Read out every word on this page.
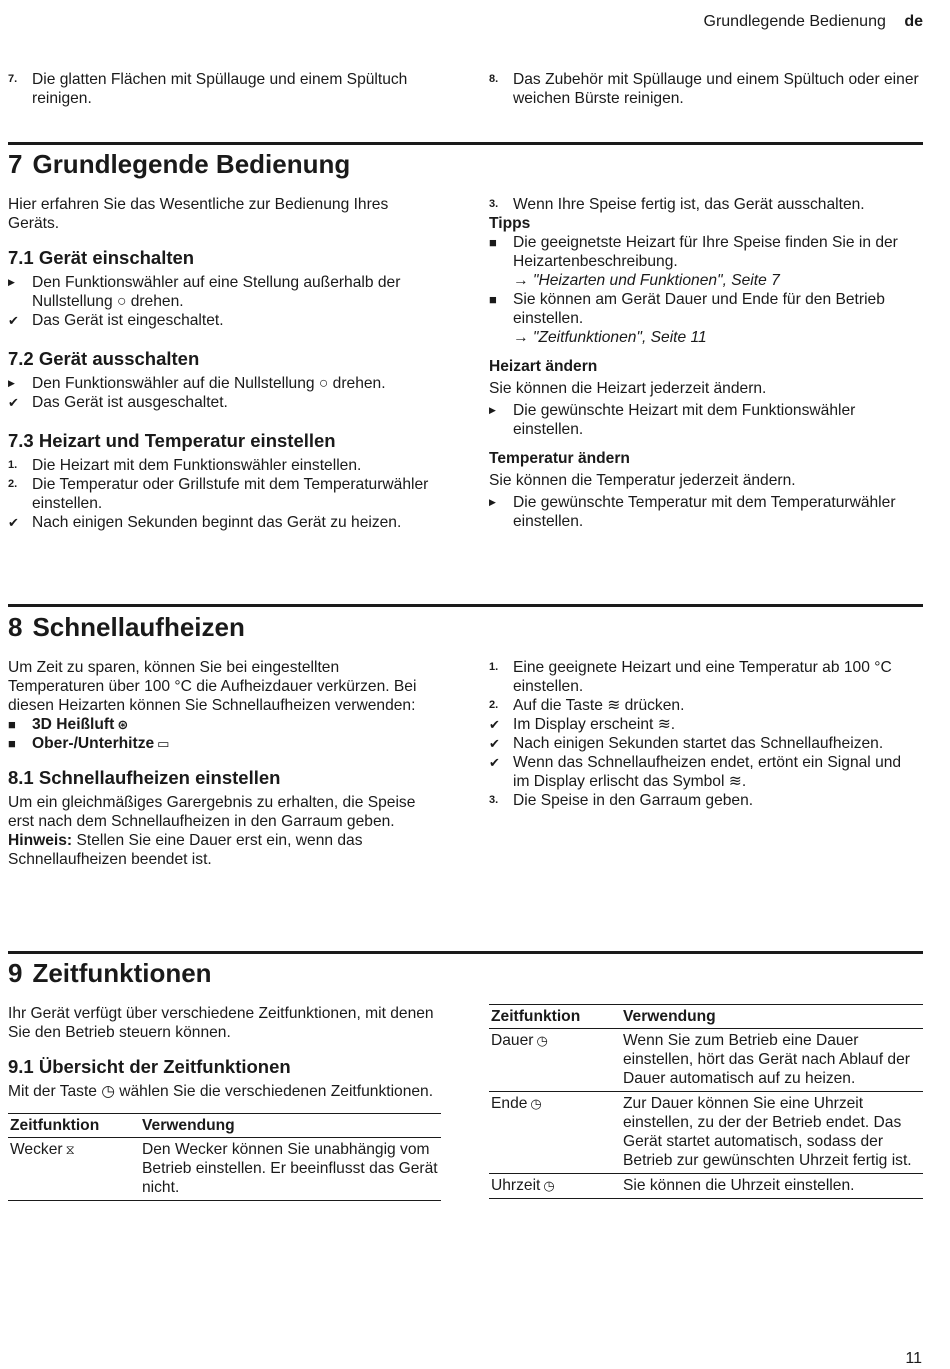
Grundlegende Bedienung de
7. Die glatten Flächen mit Spüllauge und einem Spültuch reinigen.
8. Das Zubehör mit Spüllauge und einem Spültuch oder einer weichen Bürste reinigen.
7 Grundlegende Bedienung

Hier erfahren Sie das Wesentliche zur Bedienung Ihres Geräts.

7.1 Gerät einschalten
▶	Den Funktionswähler auf eine Stellung außerhalb der Nullstellung ○ drehen.
✔ Das Gerät ist eingeschaltet.
7.2 Gerät ausschalten
▶	Den Funktionswähler auf die Nullstellung ○ drehen.
✔ Das Gerät ist ausgeschaltet.
7.3 Heizart und Temperatur einstellen
1. Die Heizart mit dem Funktionswähler einstellen.
2. Die Temperatur oder Grillstufe mit dem Temperaturwähler einstellen.
✔ Nach einigen Sekunden beginnt das Gerät zu heizen.
3. Wenn Ihre Speise fertig ist, das Gerät ausschalten.
Tipps
■	Die geeignetste Heizart für Ihre Speise finden Sie in der Heizartenbeschreibung.
→ "Heizarten und Funktionen", Seite 7
■	Sie können am Gerät Dauer und Ende für den Betrieb einstellen.
→ "Zeitfunktionen", Seite 11
Heizart ändern

Sie können die Heizart jederzeit ändern.

▶	Die gewünschte Heizart mit dem Funktionswähler einstellen.
Temperatur ändern

Sie können die Temperatur jederzeit ändern.

▶	Die gewünschte Temperatur mit dem Temperaturwähler einstellen.
8 Schnellaufheizen

Um Zeit zu sparen, können Sie bei eingestellten Temperaturen über 100 °C die Aufheizdauer verkürzen. Bei diesen Heizarten können Sie Schnellaufheizen verwenden:

■	3D Heißluft ⊛
■	Ober-/Unterhitze ▭
8.1 Schnellaufheizen einstellen

Um ein gleichmäßiges Garergebnis zu erhalten, die Speise erst nach dem Schnellaufheizen in den Garraum geben.

Hinweis: Stellen Sie eine Dauer erst ein, wenn das Schnellaufheizen beendet ist.

1. Eine geeignete Heizart und eine Temperatur ab 100 °C einstellen.
2. Auf die Taste ≋ drücken.
✔ Im Display erscheint ≋.
✔ Nach einigen Sekunden startet das Schnellaufheizen.
✔ Wenn das Schnellaufheizen endet, ertönt ein Signal und im Display erlischt das Symbol ≋.
3. Die Speise in den Garraum geben.
9 Zeitfunktionen

Ihr Gerät verfügt über verschiedene Zeitfunktionen, mit denen Sie den Betrieb steuern können.

9.1 Übersicht der Zeitfunktionen

Mit der Taste ◷ wählen Sie die verschiedenen Zeitfunktionen.

Zeitfunktion	Verwendung
Wecker ⧖	Den Wecker können Sie unabhängig vom Betrieb einstellen. Er beeinflusst das Gerät nicht.
Zeitfunktion	Verwendung
Dauer ◷	Wenn Sie zum Betrieb eine Dauer einstellen, hört das Gerät nach Ablauf der Dauer automatisch auf zu heizen.
Ende ◷	Zur Dauer können Sie eine Uhrzeit einstellen, zu der der Betrieb endet. Das Gerät startet automatisch, sodass der Betrieb zur gewünschten Uhrzeit fertig ist.
Uhrzeit ◷	Sie können die Uhrzeit einstellen.
11
